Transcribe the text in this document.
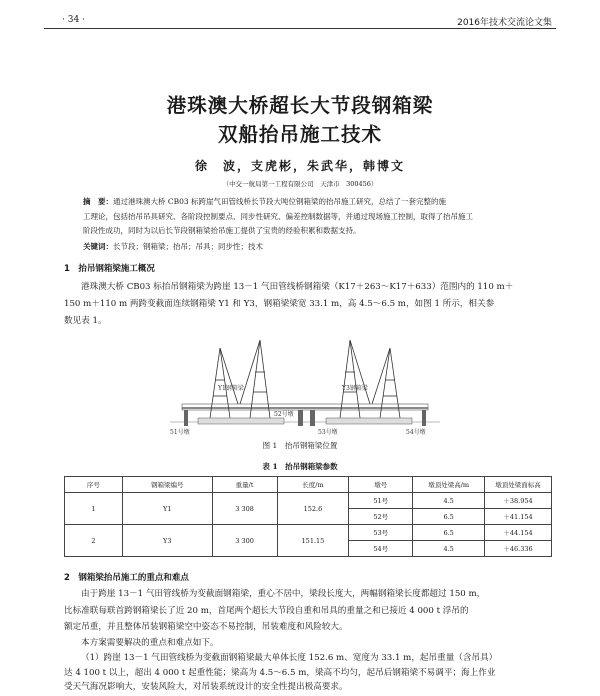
· 34 ·	2016年技术交流论文集
港珠澳大桥超长大节段钢箱梁
双船抬吊施工技术
徐　波，支虎彬，朱武华，韩博文
（中交一航局第一工程有限公司　天津市　300456）
摘　要：通过港珠澳大桥 CB03 标跨崖气田管线桥长节段大吨位钢箱梁的抬吊施工研究，总结了一套完整的施
工理论，包括抬吊吊具研究、各阶段控制要点、同步性研究、偏差控制数据等，并通过现场施工控制，取得了抬吊施工
阶段性成功，同时为以后长节段钢箱梁抬吊施工提供了宝贵的经验积累和数据支持。
关键词：长节段；钢箱梁；抬吊；吊具；同步性；技术
1　抬吊钢箱梁施工概况
港珠澳大桥 CB03 标抬吊钢箱梁为跨崖 13－1 气田管线桥钢箱梁（K17＋263～K17＋633）范围内的 110 m＋
150 m＋110 m 两跨变截面连续钢箱梁 Y1 和 Y3，钢箱梁梁宽 33.1 m，高 4.5～6.5 m，如图 1 所示，相关参
数见表 1。
Y1钢箱梁	Y3钢箱梁
51号墩
52号墩
53号墩	54号墩
图 1　抬吊钢箱梁位置
表 1　抬吊钢箱梁参数
序号	钢箱梁编号	重量/t	长度/m	墩号	墩顶处梁高/m	墩顶处梁面标高
1	Y1	3 308	152.6	51号	4.5	＋38.954
				52号	6.5	＋41.154
2	Y3	3 300	151.15	53号	6.5	＋44.154
				54号	4.5	＋46.336
2　钢箱梁抬吊施工的重点和难点
由于跨崖 13－1 气田管线桥为变截面钢箱梁，重心不居中，梁段长度大，两幅钢箱梁长度都超过 150 m，
比标准联每联首跨钢箱梁长了近 20 m，首尾两个超长大节段自重和吊具的重量之和已接近 4 000 t 浮吊的
额定吊重，并且整体吊装钢箱梁空中姿态不易控制，吊装难度和风险较大。
本方案需要解决的重点和难点如下。
（1）跨崖 13－1 气田管线桥为变截面钢箱梁最大单体长度 152.6 m、宽度为 33.1 m，起吊重量（含吊具）
达 4 100 t 以上，超出 4 000 t 起重性能；梁高为 4.5～6.5 m，梁高不均匀，起吊后钢箱梁不易调平；海上作业
受天气海况影响大，安装风险大，对吊装系统设计的安全性提出极高要求。
